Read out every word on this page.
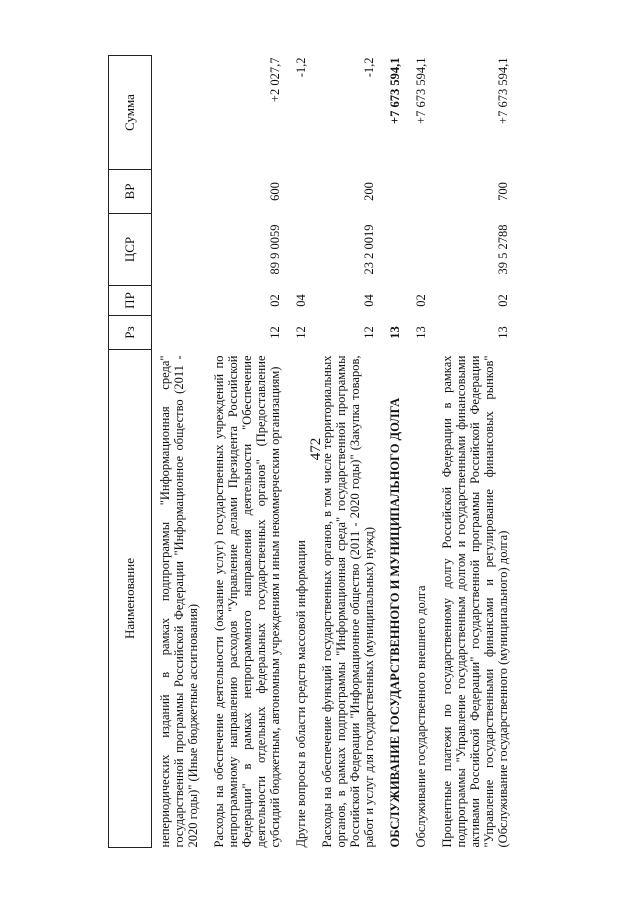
472
Наименование	Рз	ПР	ЦСР	ВР	Сумма
непериодических изданий в рамках подпрограммы "Информационная среда" государственной программы Российской Федерации "Информационное общество (2011 - 2020 годы)" (Иные бюджетные ассигнования)					
Расходы на обеспечение деятельности (оказание услуг) государственных учреждений по непрограммному направлению расходов "Управление делами Президента Российской Федерации" в рамках непрограммного направления деятельности "Обеспечение деятельности отдельных федеральных государственных органов" (Предоставление субсидий бюджетным, автономным учреждениям и иным некоммерческим организациям)	12	02	89 9 0059	600	+2 027,7
Другие вопросы в области средств массовой информации	12	04			-1,2
Расходы на обеспечение функций государственных органов, в том числе территориальных органов, в рамках подпрограммы "Информационная среда" государственной программы Российской Федерации "Информационное общество (2011 - 2020 годы)" (Закупка товаров, работ и услуг для государственных (муниципальных) нужд)	12	04	23 2 0019	200	-1,2
ОБСЛУЖИВАНИЕ ГОСУДАРСТВЕННОГО И МУНИЦИПАЛЬНОГО ДОЛГА	13				+7 673 594,1
Обслуживание государственного внешнего долга	13	02			+7 673 594,1
Процентные платежи по государственному долгу Российской Федерации в рамках подпрограммы "Управление государственным долгом и государственными финансовыми активами Российской Федерации" государственной программы Российской Федерации "Управление государственными финансами и регулирование финансовых рынков" (Обслуживание государственного (муниципального) долга)	13	02	39 5 2788	700	+7 673 594,1
